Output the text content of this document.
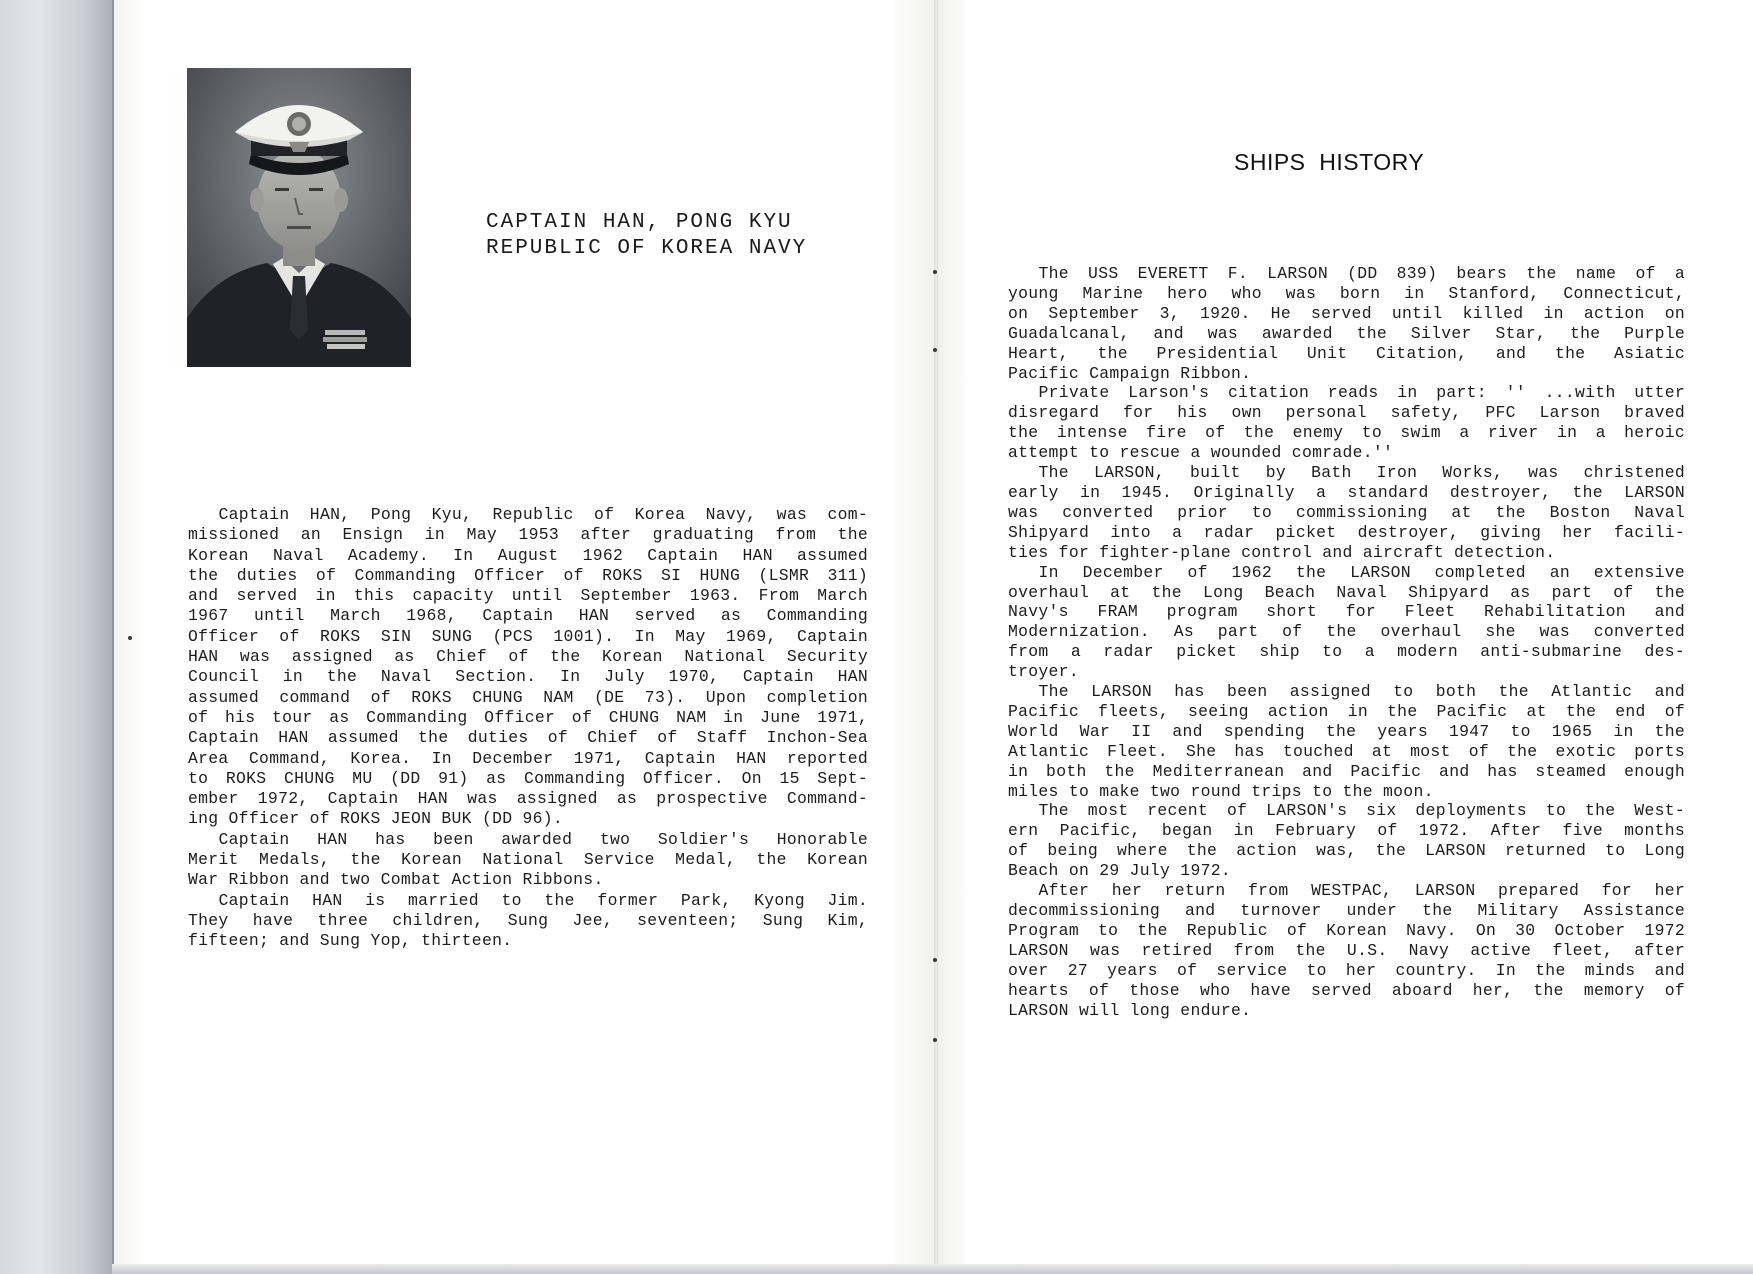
CAPTAIN HAN, PONG KYU
REPUBLIC OF KOREA NAVY
Captain HAN, Pong Kyu, Republic of Korea Navy, was com-
missioned an Ensign in May 1953 after graduating from the
Korean Naval Academy. In August 1962 Captain HAN assumed
the duties of Commanding Officer of ROKS SI HUNG (LSMR 311)
and served in this capacity until September 1963. From March
1967 until March 1968, Captain HAN served as Commanding
Officer of ROKS SIN SUNG (PCS 1001). In May 1969, Captain
HAN was assigned as Chief of the Korean National Security
Council in the Naval Section. In July 1970, Captain HAN
assumed command of ROKS CHUNG NAM (DE 73). Upon completion
of his tour as Commanding Officer of CHUNG NAM in June 1971,
Captain HAN assumed the duties of Chief of Staff Inchon-Sea
Area Command, Korea. In December 1971, Captain HAN reported
to ROKS CHUNG MU (DD 91) as Commanding Officer. On 15 Sept-
ember 1972, Captain HAN was assigned as prospective Command-
ing Officer of ROKS JEON BUK (DD 96).
Captain HAN has been awarded two Soldier's Honorable
Merit Medals, the Korean National Service Medal, the Korean
War Ribbon and two Combat Action Ribbons.
Captain HAN is married to the former Park, Kyong Jim.
They have three children, Sung Jee, seventeen; Sung Kim,
fifteen; and Sung Yop, thirteen.
SHIPS  HISTORY
The USS EVERETT F. LARSON (DD 839) bears the name of a
young Marine hero who was born in Stanford, Connecticut,
on September 3, 1920. He served until killed in action on
Guadalcanal, and was awarded the Silver Star, the Purple
Heart, the Presidential Unit Citation, and the Asiatic
Pacific Campaign Ribbon.
Private Larson's citation reads in part: '' ...with utter
disregard for his own personal safety, PFC Larson braved
the intense fire of the enemy to swim a river in a heroic
attempt to rescue a wounded comrade.''
The LARSON, built by Bath Iron Works, was christened
early in 1945. Originally a standard destroyer, the LARSON
was converted prior to commissioning at the Boston Naval
Shipyard into a radar picket destroyer, giving her facili-
ties for fighter-plane control and aircraft detection.
In December of 1962 the LARSON completed an extensive
overhaul at the Long Beach Naval Shipyard as part of the
Navy's FRAM program short for Fleet Rehabilitation and
Modernization. As part of the overhaul she was converted
from a radar picket ship to a modern anti-submarine des-
troyer.
The LARSON has been assigned to both the Atlantic and
Pacific fleets, seeing action in the Pacific at the end of
World War II and spending the years 1947 to 1965 in the
Atlantic Fleet. She has touched at most of the exotic ports
in both the Mediterranean and Pacific and has steamed enough
miles to make two round trips to the moon.
The most recent of LARSON's six deployments to the West-
ern Pacific, began in February of 1972. After five months
of being where the action was, the LARSON returned to Long
Beach on 29 July 1972.
After her return from WESTPAC, LARSON prepared for her
decommissioning and turnover under the Military Assistance
Program to the Republic of Korean Navy. On 30 October 1972
LARSON was retired from the U.S. Navy active fleet, after
over 27 years of service to her country. In the minds and
hearts of those who have served aboard her, the memory of
LARSON will long endure.
